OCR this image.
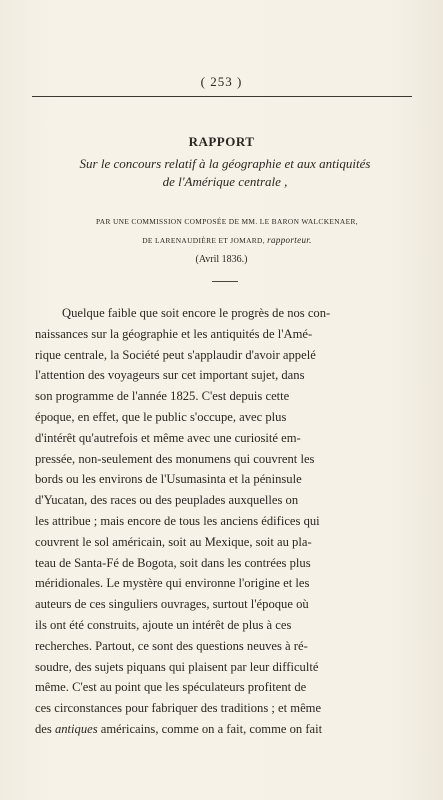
( 253 )
RAPPORT
Sur le concours relatif à la géographie et aux antiquités
de l'Amérique centrale ,
PAR UNE COMMISSION COMPOSÉE DE MM. LE BARON WALCKENAER,
DE LARENAUDIÈRE ET JOMARD, rapporteur.
(Avril 1836.)
Quelque faible que soit encore le progrès de nos con-
naissances sur la géographie et les antiquités de l'Amé-
rique centrale, la Société peut s'applaudir d'avoir appelé
l'attention des voyageurs sur cet important sujet, dans
son programme de l'année 1825. C'est depuis cette
époque, en effet, que le public s'occupe, avec plus
d'intérêt qu'autrefois et même avec une curiosité em-
pressée, non-seulement des monumens qui couvrent les
bords ou les environs de l'Usumasinta et la péninsule
d'Yucatan, des races ou des peuplades auxquelles on
les attribue ; mais encore de tous les anciens édifices qui
couvrent le sol américain, soit au Mexique, soit au pla-
teau de Santa-Fé de Bogota, soit dans les contrées plus
méridionales. Le mystère qui environne l'origine et les
auteurs de ces singuliers ouvrages, surtout l'époque où
ils ont été construits, ajoute un intérêt de plus à ces
recherches. Partout, ce sont des questions neuves à ré-
soudre, des sujets piquans qui plaisent par leur difficulté
même. C'est au point que les spéculateurs profitent de
ces circonstances pour fabriquer des traditions ; et même
des antiques américains, comme on a fait, comme on fait
